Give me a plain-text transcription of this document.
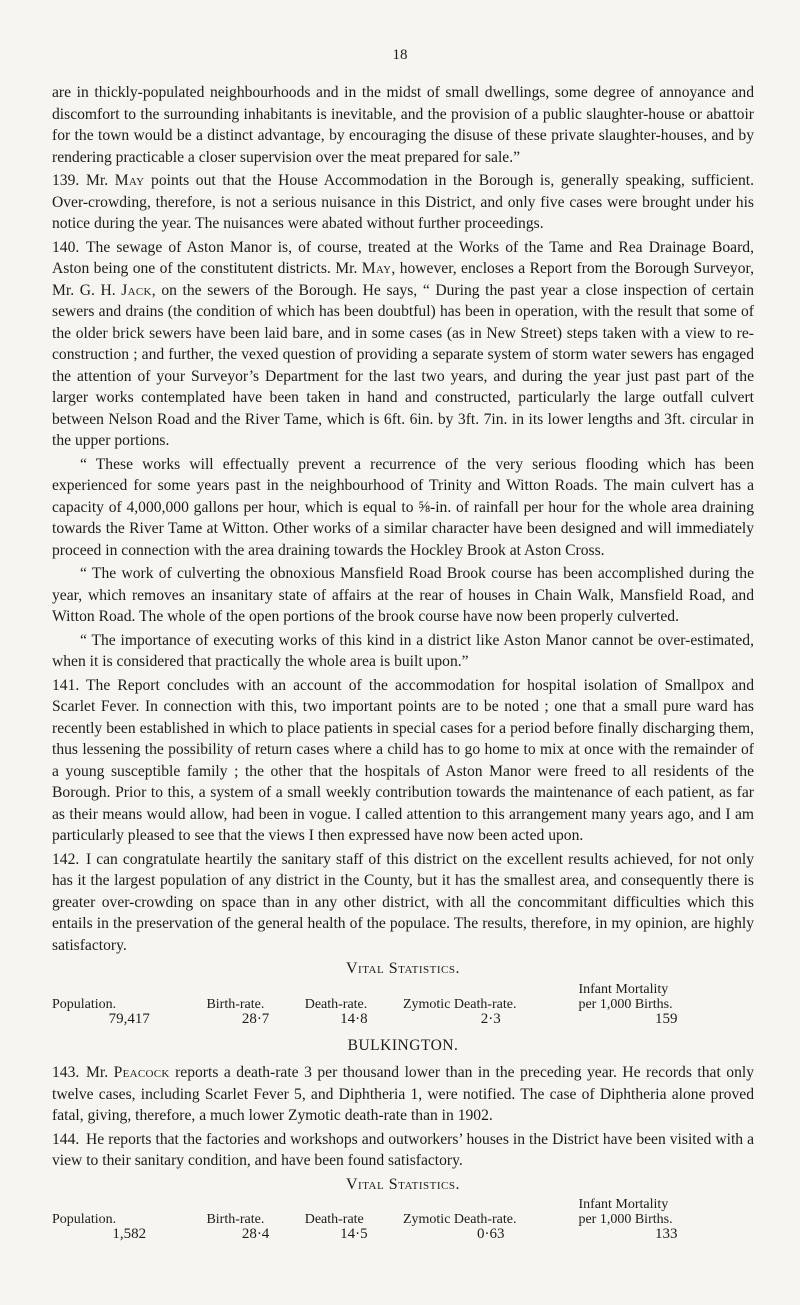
18

are in thickly-populated neighbourhoods and in the midst of small dwellings, some degree of annoyance and discomfort to the surrounding inhabitants is inevitable, and the provision of a public slaughter-house or abattoir for the town would be a distinct advantage, by encouraging the disuse of these private slaughter-houses, and by rendering practicable a closer supervision over the meat prepared for sale.”

139. Mr. May points out that the House Accommodation in the Borough is, generally speaking, sufficient. Over-crowding, therefore, is not a serious nuisance in this District, and only five cases were brought under his notice during the year. The nuisances were abated without further proceedings.

140. The sewage of Aston Manor is, of course, treated at the Works of the Tame and Rea Drainage Board, Aston being one of the constitutent districts. Mr. May, however, encloses a Report from the Borough Surveyor, Mr. G. H. Jack, on the sewers of the Borough. He says, “ During the past year a close inspection of certain sewers and drains (the condition of which has been doubtful) has been in operation, with the result that some of the older brick sewers have been laid bare, and in some cases (as in New Street) steps taken with a view to re-construction ; and further, the vexed question of providing a separate system of storm water sewers has engaged the attention of your Surveyor’s Department for the last two years, and during the year just past part of the larger works contemplated have been taken in hand and constructed, particularly the large outfall culvert between Nelson Road and the River Tame, which is 6ft. 6in. by 3ft. 7in. in its lower lengths and 3ft. circular in the upper portions.

“ These works will effectually prevent a recurrence of the very serious flooding which has been experienced for some years past in the neighbourhood of Trinity and Witton Roads. The main culvert has a capacity of 4,000,000 gallons per hour, which is equal to ⅝-in. of rainfall per hour for the whole area draining towards the River Tame at Witton. Other works of a similar character have been designed and will immediately proceed in connection with the area draining towards the Hockley Brook at Aston Cross.

“ The work of culverting the obnoxious Mansfield Road Brook course has been accomplished during the year, which removes an insanitary state of affairs at the rear of houses in Chain Walk, Mansfield Road, and Witton Road. The whole of the open portions of the brook course have now been properly culverted.

“ The importance of executing works of this kind in a district like Aston Manor cannot be over-estimated, when it is considered that practically the whole area is built upon.”

141. The Report concludes with an account of the accommodation for hospital isolation of Smallpox and Scarlet Fever. In connection with this, two important points are to be noted ; one that a small pure ward has recently been established in which to place patients in special cases for a period before finally discharging them, thus lessening the possibility of return cases where a child has to go home to mix at once with the remainder of a young susceptible family ; the other that the hospitals of Aston Manor were freed to all residents of the Borough. Prior to this, a system of a small weekly contribution towards the maintenance of each patient, as far as their means would allow, had been in vogue. I called attention to this arrangement many years ago, and I am particularly pleased to see that the views I then expressed have now been acted upon.

142. I can congratulate heartily the sanitary staff of this district on the excellent results achieved, for not only has it the largest population of any district in the County, but it has the smallest area, and consequently there is greater over-crowding on space than in any other district, with all the concommitant difficulties which this entails in the preservation of the general health of the populace. The results, therefore, in my opinion, are highly satisfactory.

Vital Statistics.
Population.	Birth-rate.	Death-rate.	Zymotic Death-rate.	Infant Mortality
per 1,000 Births.
79,417	28·7	14·8	2·3	159
BULKINGTON.

143. Mr. Peacock reports a death-rate 3 per thousand lower than in the preceding year. He records that only twelve cases, including Scarlet Fever 5, and Diphtheria 1, were notified. The case of Diphtheria alone proved fatal, giving, therefore, a much lower Zymotic death-rate than in 1902.

144. He reports that the factories and workshops and outworkers’ houses in the District have been visited with a view to their sanitary condition, and have been found satisfactory.

Vital Statistics.
Population.	Birth-rate.	Death-rate	Zymotic Death-rate.	Infant Mortality
per 1,000 Births.
1,582	28·4	14·5	0·63	133
